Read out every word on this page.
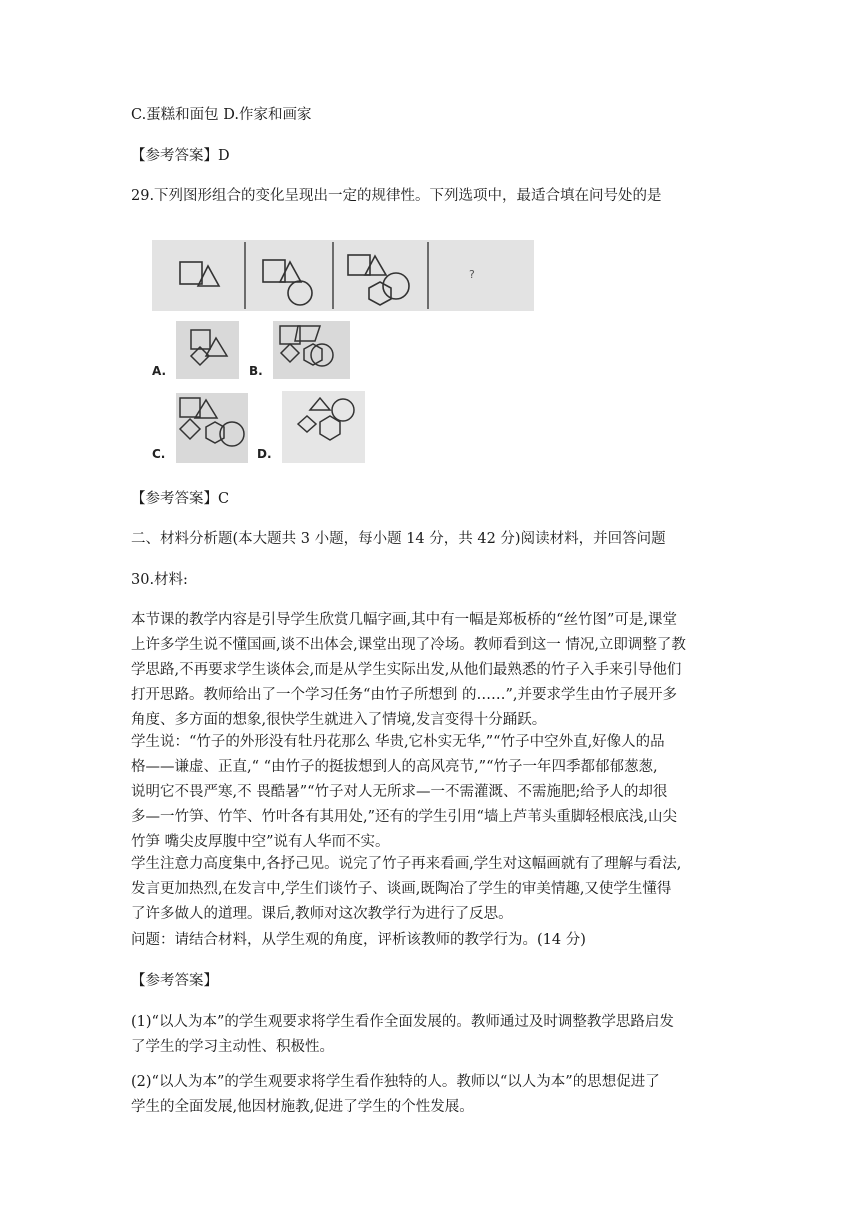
C.蛋糕和面包 D.作家和画家
【参考答案】D
29.下列图形组合的变化呈现出一定的规律性。下列选项中，最适合填在问号处的是
?
A.	B.
C.	D.
【参考答案】C
二、材料分析题(本大题共 3 小题，每小题 14 分，共 42 分)阅读材料，并回答问题
30.材料:
本节课的教学内容是引导学生欣赏几幅字画,其中有一幅是郑板桥的“丝竹图”可是,课堂
上许多学生说不懂国画,谈不出体会,课堂出现了冷场。教师看到这一 情况,立即调整了教
学思路,不再要求学生谈体会,而是从学生实际出发,从他们最熟悉的竹子入手来引导他们
打开思路。教师给出了一个学习任务“由竹子所想到 的……”,并要求学生由竹子展开多
角度、多方面的想象,很快学生就进入了情境,发言变得十分踊跃。
学生说：“竹子的外形没有牡丹花那么 华贵,它朴实无华,”“竹子中空外直,好像人的品
格——谦虚、正直,“ “由竹子的挺拔想到人的高风亮节,”“竹子一年四季都郁郁葱葱,
说明它不畏严寒,不 畏酷暑”“竹子对人无所求—一不需灌溉、不需施肥;给予人的却很
多—一竹笋、竹竿、竹叶各有其用处,”还有的学生引用“墙上芦苇头重脚轻根底浅,山尖
竹笋 嘴尖皮厚腹中空”说有人华而不实。
学生注意力高度集中,各抒己见。说完了竹子再来看画,学生对这幅画就有了理解与看法,
发言更加热烈,在发言中,学生们谈竹子、谈画,既陶冶了学生的审美情趣,又使学生懂得
了许多做人的道理。课后,教师对这次教学行为进行了反思。
问题：请结合材料，从学生观的角度，评析该教师的教学行为。(14 分)
【参考答案】
(1)“以人为本”的学生观要求将学生看作全面发展的。教师通过及时调整教学思路启发
了学生的学习主动性、积极性。
(2)“以人为本”的学生观要求将学生看作独特的人。教师以“以人为本”的思想促进了
学生的全面发展,他因材施教,促进了学生的个性发展。
